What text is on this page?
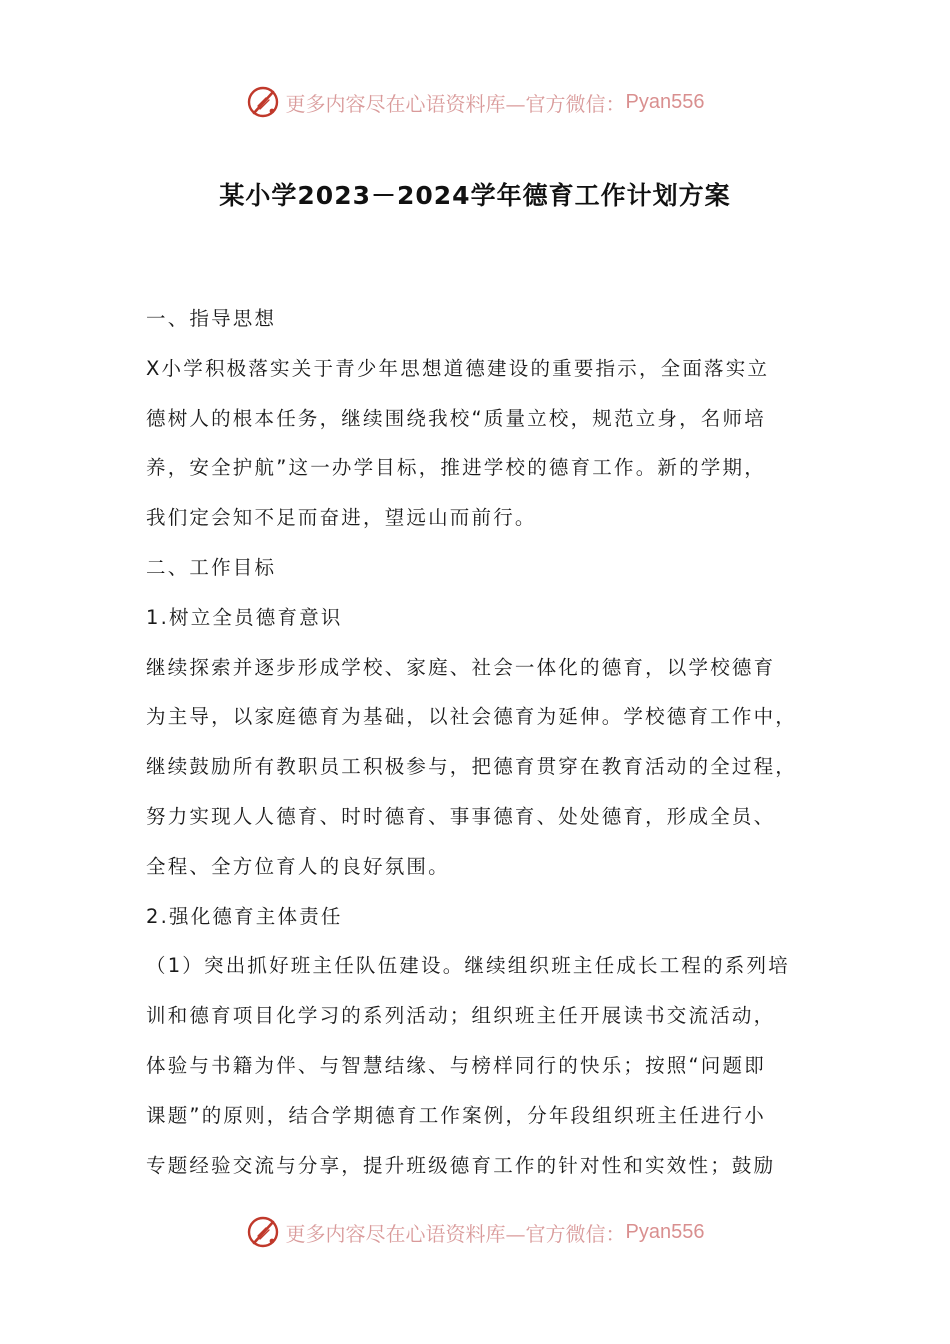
更多内容尽在心语资料库—官方微信： Pyan556
某小学2023－2024学年德育工作计划方案
一、指导思想
X小学积极落实关于青少年思想道德建设的重要指示，全面落实立
德树人的根本任务，继续围绕我校“质量立校，规范立身，名师培
养，安全护航”这一办学目标，推进学校的德育工作。新的学期，
我们定会知不足而奋进，望远山而前行。
二、工作目标
1.树立全员德育意识
继续探索并逐步形成学校、家庭、社会一体化的德育，以学校德育
为主导，以家庭德育为基础，以社会德育为延伸。学校德育工作中，
继续鼓励所有教职员工积极参与，把德育贯穿在教育活动的全过程，
努力实现人人德育、时时德育、事事德育、处处德育，形成全员、
全程、全方位育人的良好氛围。
2.强化德育主体责任
（1）突出抓好班主任队伍建设。继续组织班主任成长工程的系列培
训和德育项目化学习的系列活动；组织班主任开展读书交流活动，
体验与书籍为伴、与智慧结缘、与榜样同行的快乐；按照“问题即
课题”的原则，结合学期德育工作案例，分年段组织班主任进行小
专题经验交流与分享，提升班级德育工作的针对性和实效性；鼓励
更多内容尽在心语资料库—官方微信： Pyan556
